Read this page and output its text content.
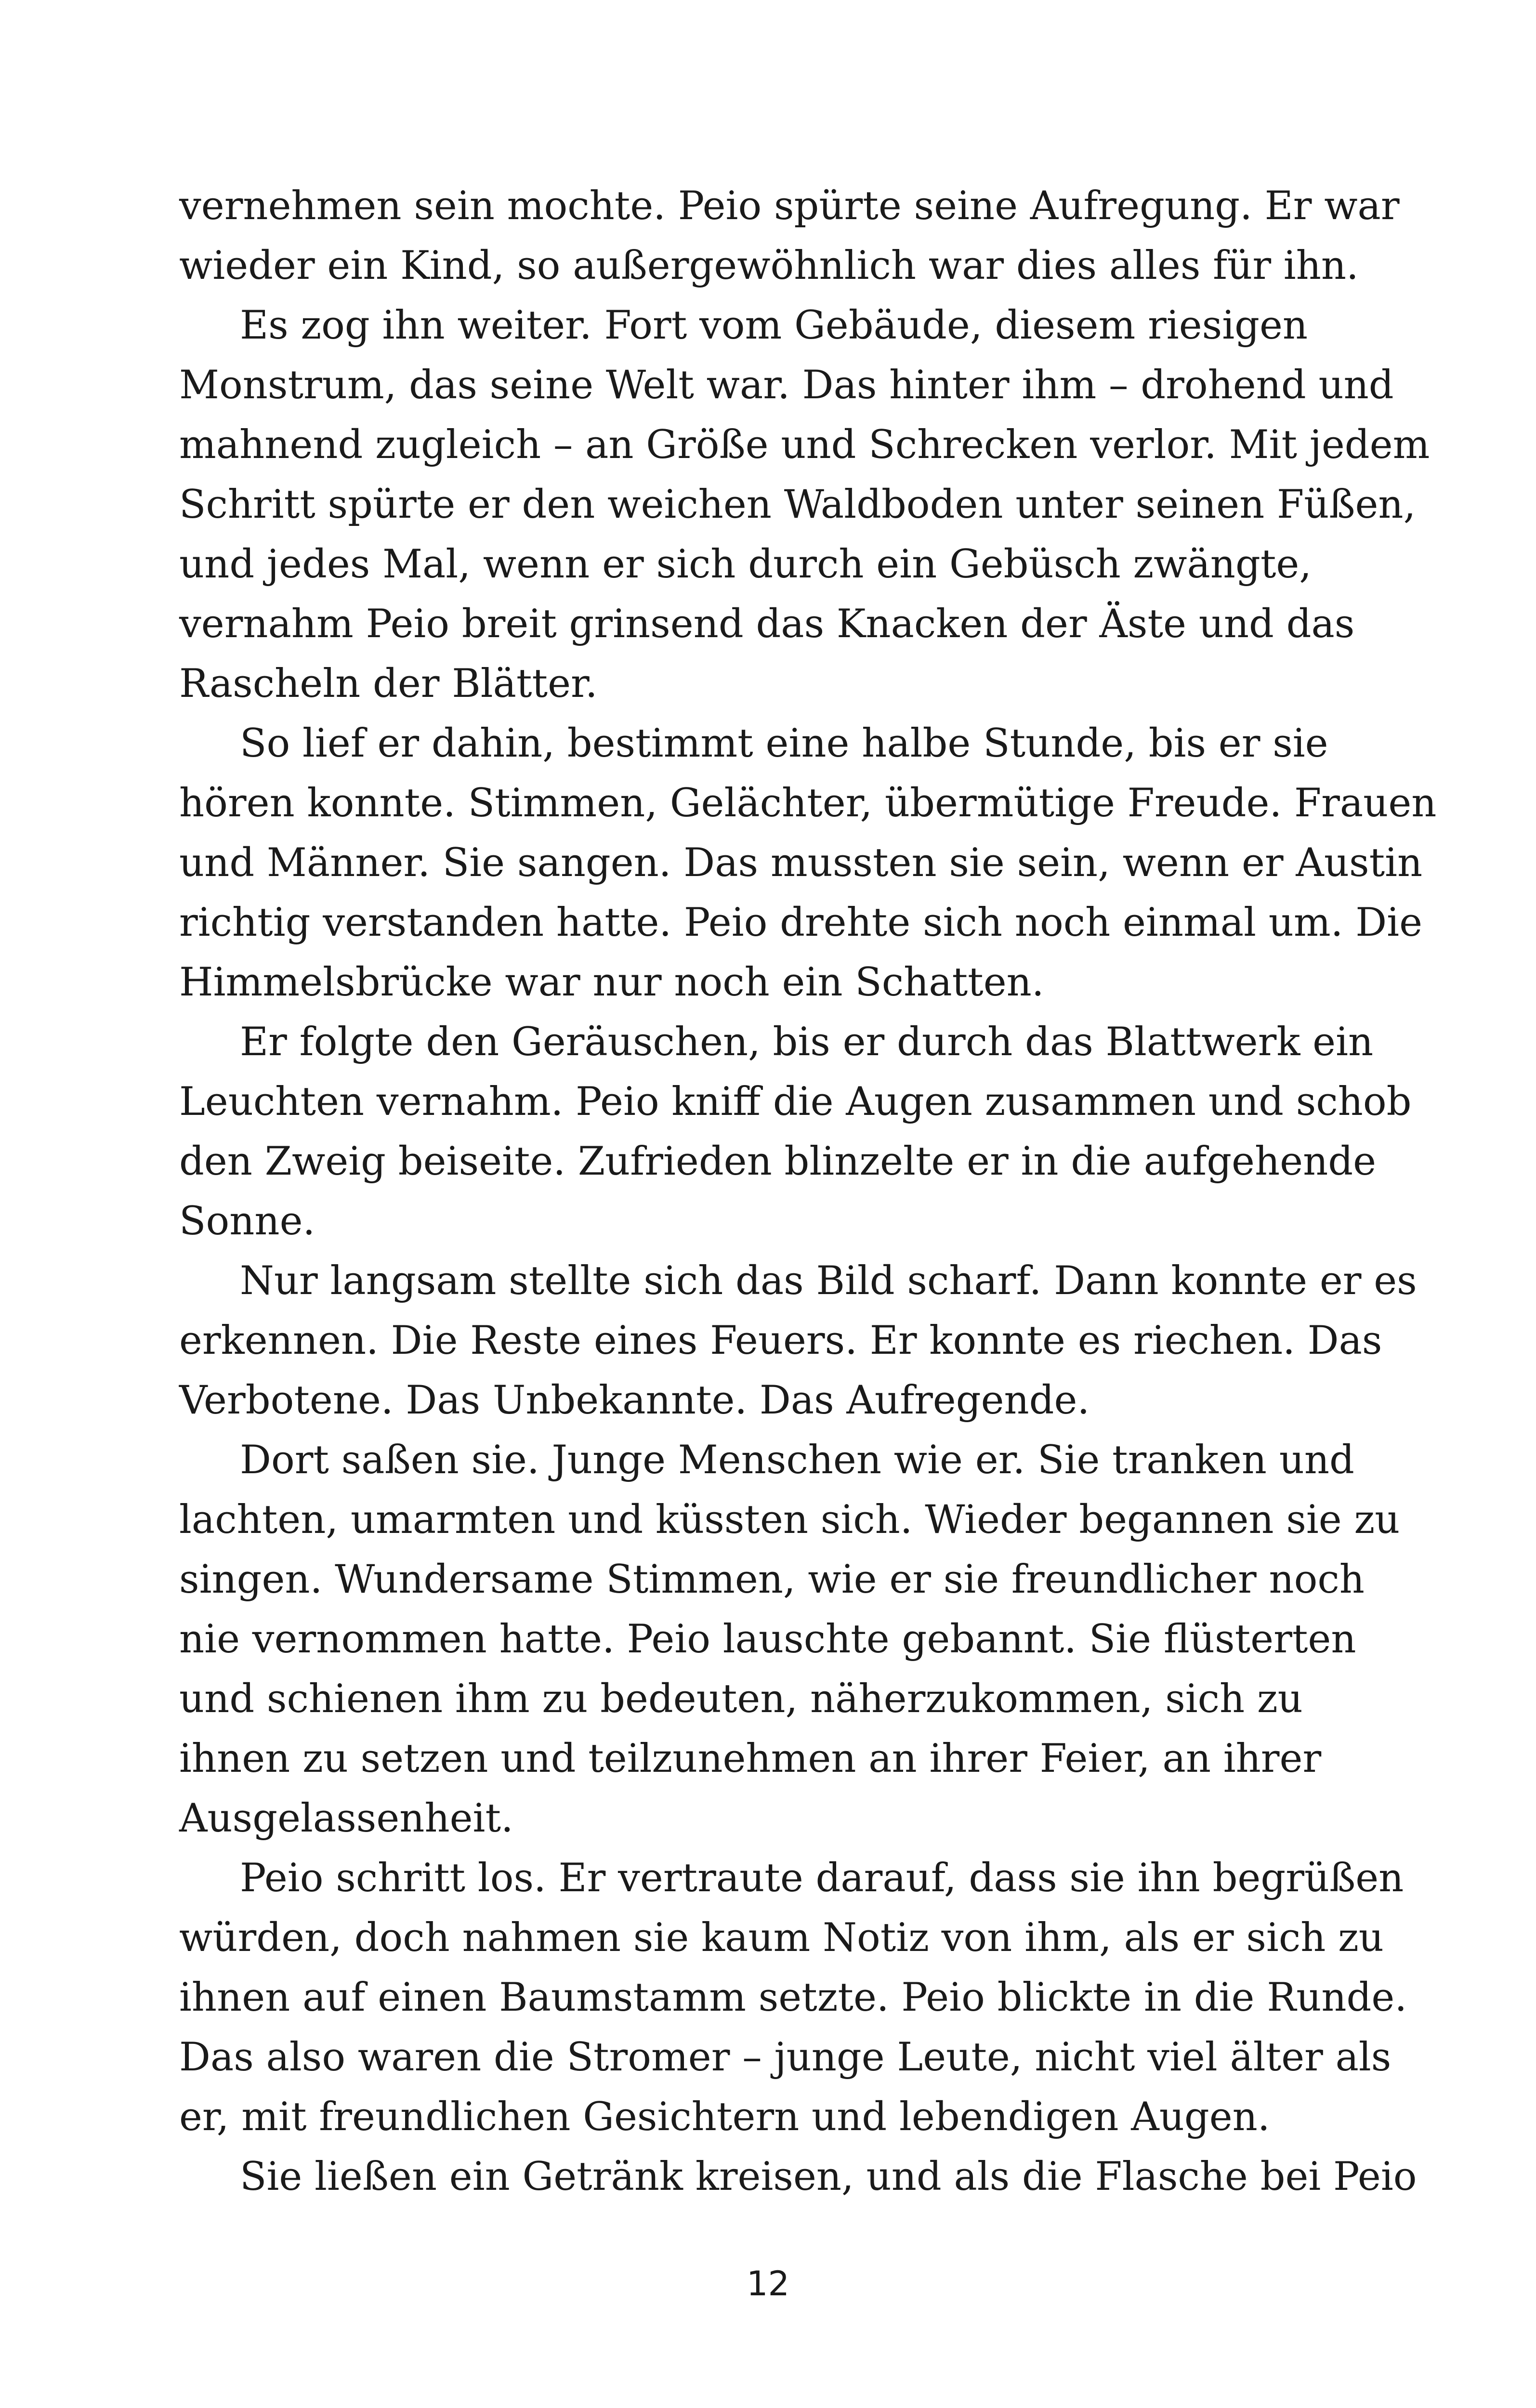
vernehmen sein mochte. Peio spürte seine Aufregung. Er war
wieder ein Kind, so außergewöhnlich war dies alles für ihn.
Es zog ihn weiter. Fort vom Gebäude, diesem riesigen
Monstrum, das seine Welt war. Das hinter ihm – drohend und
mahnend zugleich – an Größe und Schrecken verlor. Mit jedem
Schritt spürte er den weichen Waldboden unter seinen Füßen,
und jedes Mal, wenn er sich durch ein Gebüsch zwängte,
vernahm Peio breit grinsend das Knacken der Äste und das
Rascheln der Blätter.
So lief er dahin, bestimmt eine halbe Stunde, bis er sie
hören konnte. Stimmen, Gelächter, übermütige Freude. Frauen
und Männer. Sie sangen. Das mussten sie sein, wenn er Austin
richtig verstanden hatte. Peio drehte sich noch einmal um. Die
Himmelsbrücke war nur noch ein Schatten.
Er folgte den Geräuschen, bis er durch das Blattwerk ein
Leuchten vernahm. Peio kniff die Augen zusammen und schob
den Zweig beiseite. Zufrieden blinzelte er in die aufgehende
Sonne.
Nur langsam stellte sich das Bild scharf. Dann konnte er es
erkennen. Die Reste eines Feuers. Er konnte es riechen. Das
Verbotene. Das Unbekannte. Das Aufregende.
Dort saßen sie. Junge Menschen wie er. Sie tranken und
lachten, umarmten und küssten sich. Wieder begannen sie zu
singen. Wundersame Stimmen, wie er sie freundlicher noch
nie vernommen hatte. Peio lauschte gebannt. Sie flüsterten
und schienen ihm zu bedeuten, näherzukommen, sich zu
ihnen zu setzen und teilzunehmen an ihrer Feier, an ihrer
Ausgelassenheit.
Peio schritt los. Er vertraute darauf, dass sie ihn begrüßen
würden, doch nahmen sie kaum Notiz von ihm, als er sich zu
ihnen auf einen Baumstamm setzte. Peio blickte in die Runde.
Das also waren die Stromer – junge Leute, nicht viel älter als
er, mit freundlichen Gesichtern und lebendigen Augen.
Sie ließen ein Getränk kreisen, und als die Flasche bei Peio
12
